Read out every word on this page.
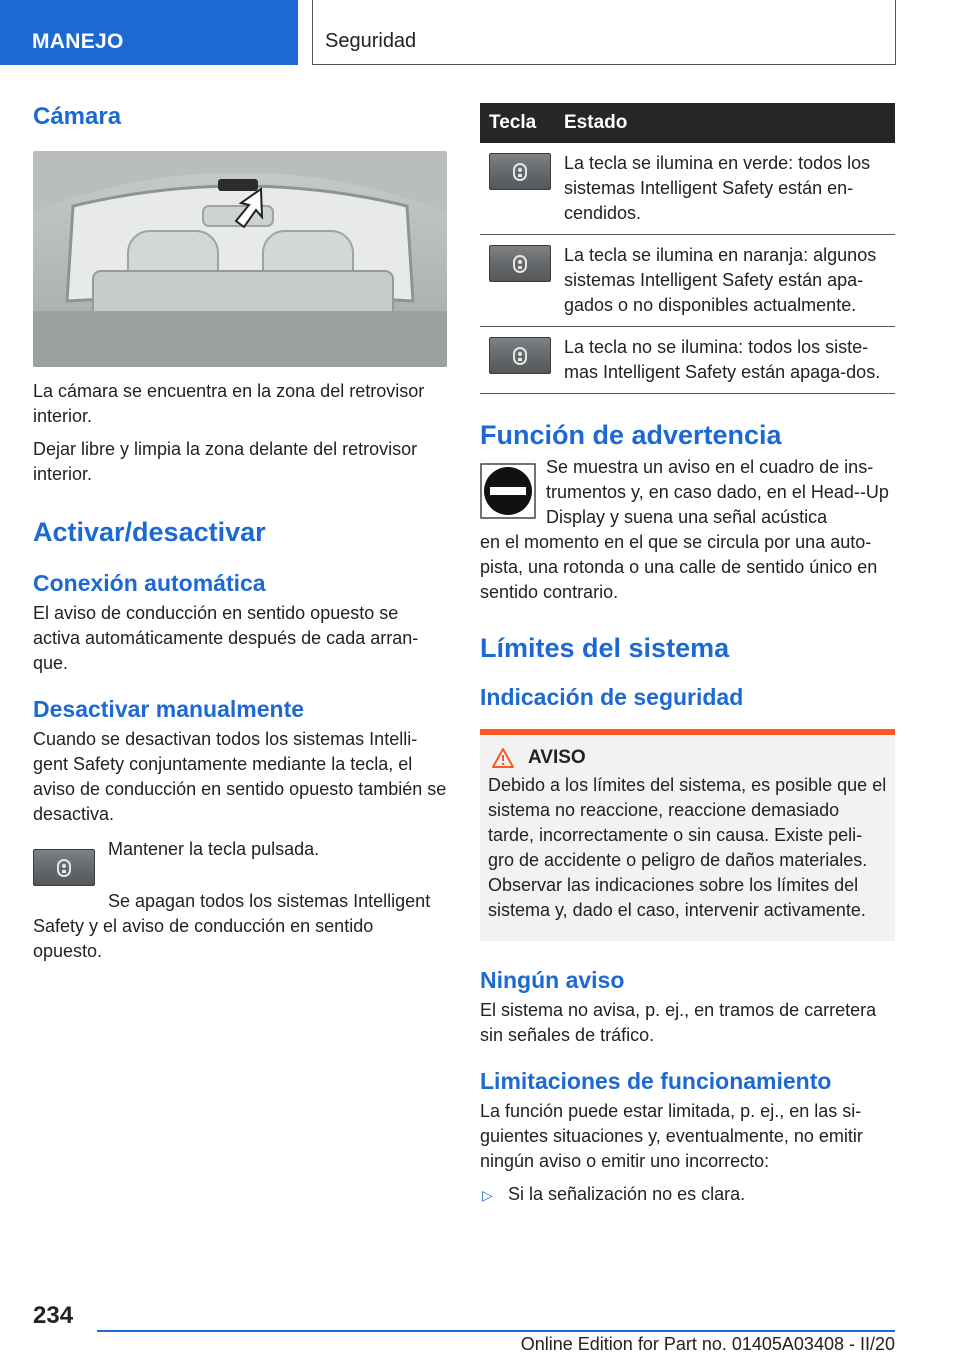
MANEJO	Seguridad
Cámara

La cámara se encuentra en la zona del retrovisor interior.

Dejar libre y limpia la zona delante del retrovisor interior.

Activar/desactivar
Conexión automática

El aviso de conducción en sentido opuesto se activa automáticamente después de cada arran-que.

Desactivar manualmente

Cuando se desactivan todos los sistemas Intelli-gent Safety conjuntamente mediante la tecla, el aviso de conducción en sentido opuesto también se desactiva.

Mantener la tecla pulsada.

Se apagan todos los sistemas Intelligent Safety y el aviso de conducción en sentido opuesto.

Tecla	Estado

	La tecla se ilumina en verde: todos los sistemas Intelligent Safety están en-cendidos.

	La tecla se ilumina en naranja: algunos sistemas Intelligent Safety están apa-gados o no disponibles actualmente.

	La tecla no se ilumina: todos los siste-mas Intelligent Safety están apaga-dos.
Función de advertencia

Se muestra un aviso en el cuadro de ins-trumentos y, en caso dado, en el Head-‑Up Display y suena una señal acústica

en el momento en el que se circula por una auto-pista, una rotonda o una calle de sentido único en sentido contrario.

Límites del sistema
Indicación de seguridad
AVISO

Debido a los límites del sistema, es posible que el sistema no reaccione, reaccione demasiado tarde, incorrectamente o sin causa. Existe peli-gro de accidente o peligro de daños materiales. Observar las indicaciones sobre los límites del sistema y, dado el caso, intervenir activamente.

Ningún aviso

El sistema no avisa, p. ej., en tramos de carretera sin señales de tráfico.

Limitaciones de funcionamiento

La función puede estar limitada, p. ej., en las si-guientes situaciones y, eventualmente, no emitir ningún aviso o emitir uno incorrecto:

▷ Si la señalización no es clara.
234
Online Edition for Part no. 01405A03408 - II/20
